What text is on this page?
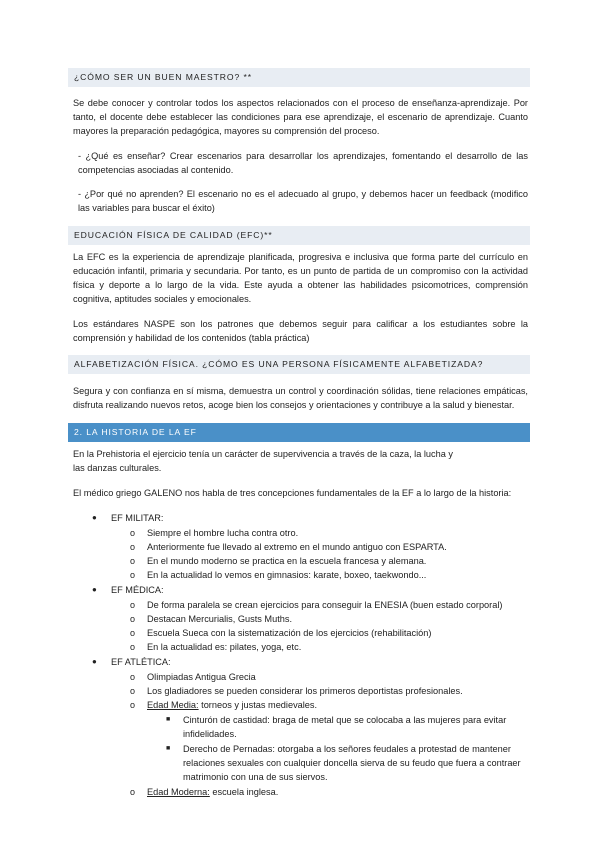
¿CÓMO SER UN BUEN MAESTRO? **

Se debe conocer y controlar todos los aspectos relacionados con el proceso de enseñanza-aprendizaje. Por tanto, el docente debe establecer las condiciones para ese aprendizaje, el escenario de aprendizaje. Cuanto mayores la preparación pedagógica, mayores su comprensión del proceso.

- ¿Qué es enseñar? Crear escenarios para desarrollar los aprendizajes, fomentando el desarrollo de las competencias asociadas al contenido.

- ¿Por qué no aprenden? El escenario no es el adecuado al grupo, y debemos hacer un feedback (modifico las variables para buscar el éxito)

EDUCACIÓN FÍSICA DE CALIDAD (EFC)**

La EFC es la experiencia de aprendizaje planificada, progresiva e inclusiva que forma parte del currículo en educación infantil, primaria y secundaria. Por tanto, es un punto de partida de un compromiso con la actividad física y deporte a lo largo de la vida. Este ayuda a obtener las habilidades psicomotrices, comprensión cognitiva, aptitudes sociales y emocionales.

Los estándares NASPE son los patrones que debemos seguir para calificar a los estudiantes sobre la comprensión y habilidad de los contenidos (tabla práctica)

ALFABETIZACIÓN FÍSICA. ¿CÓMO ES UNA PERSONA FÍSICAMENTE ALFABETIZADA?

Segura y con confianza en sí misma, demuestra un control y coordinación sólidas, tiene relaciones empáticas, disfruta realizando nuevos retos, acoge bien los consejos y orientaciones y contribuye a la salud y bienestar.

2. LA HISTORIA DE LA EF

En la Prehistoria el ejercicio tenía un carácter de supervivencia a través de la caza, la lucha y las danzas culturales.

El médico griego GALENO nos habla de tres concepciones fundamentales de la EF a lo largo de la historia:

● EF MILITAR:
o Siempre el hombre lucha contra otro.
o Anteriormente fue llevado al extremo en el mundo antiguo con ESPARTA.
o En el mundo moderno se practica en la escuela francesa y alemana.
o En la actualidad lo vemos en gimnasios: karate, boxeo, taekwondo...
● EF MÉDICA:
o De forma paralela se crean ejercicios para conseguir la ENESIA (buen estado corporal)
o Destacan Mercurialis, Gusts Muths.
o Escuela Sueca con la sistematización de los ejercicios (rehabilitación)
o En la actualidad es: pilates, yoga, etc.
● EF ATLÉTICA:
o Olimpiadas Antigua Grecia
o Los gladiadores se pueden considerar los primeros deportistas profesionales.
o Edad Media: torneos y justas medievales.
■ Cinturón de castidad: braga de metal que se colocaba a las mujeres para evitar
infidelidades.
■ Derecho de Pernadas: otorgaba a los señores feudales a protestad de mantener
relaciones sexuales con cualquier doncella sierva de su feudo que fuera a contraer
matrimonio con una de sus siervos.
o Edad Moderna: escuela inglesa.
